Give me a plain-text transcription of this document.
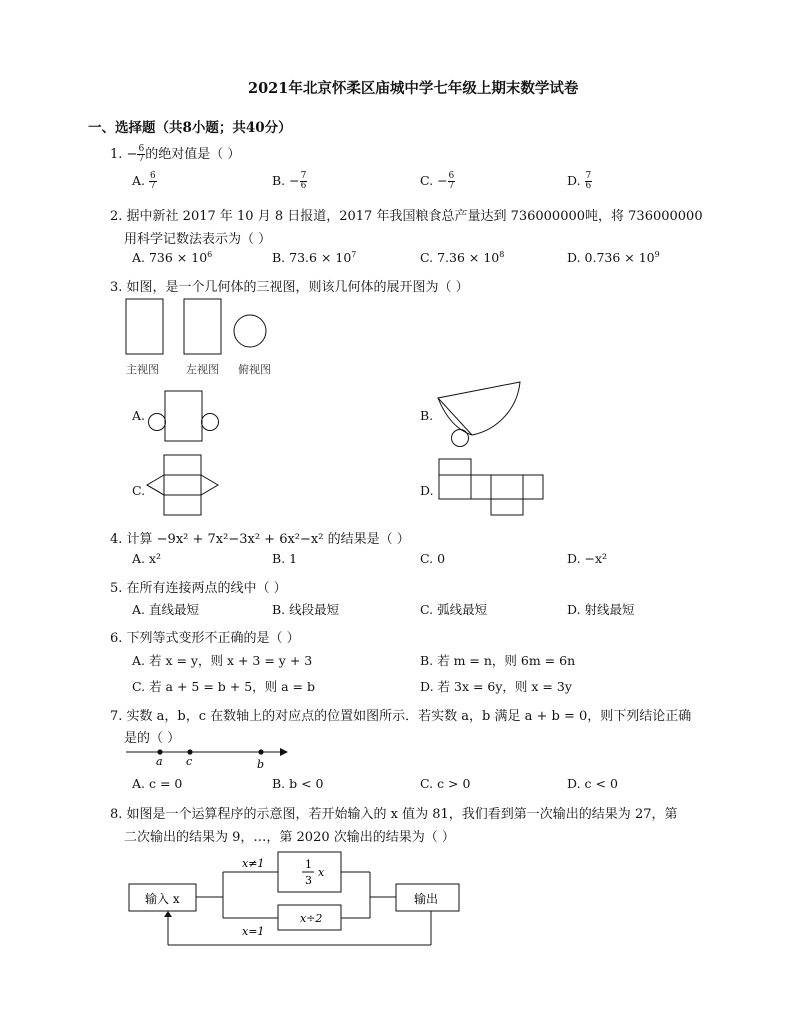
2021年北京怀柔区庙城中学七年级上期末数学试卷
一、选择题（共8小题；共40分）
1. − $\frac{6}{7}$ 的绝对值是（ ）
A. $\frac{6}{7}$	B. − $\frac{7}{6}$	C. − $\frac{6}{7}$	D. $\frac{7}{6}$
2. 据中新社 2017 年 10 月 8 日报道，2017 年我国粮食总产量达到 736000000吨，将 736000000
用科学记数法表示为（ ）
A. $736 \times 10^6$	B. $73.6 \times 10^7$	C. $7.36 \times 10^8$	D. $0.736 \times 10^9$
3. 如图，是一个几何体的三视图，则该几何体的展开图为（ ）
主视图 左视图 俯视图
A.	B.
C.	D.
4. 计算 −9x² + 7x²−3x² + 6x²−x² 的结果是（ ）
A. x²	B. 1	C. 0	D. −x²
5. 在所有连接两点的线中（ ）
A. 直线最短	B. 线段最短	C. 弧线最短	D. 射线最短
6. 下列等式变形不正确的是（ ）
A. 若 x = y，则 x + 3 = y + 3	B. 若 m = n，则 6m = 6n
C. 若 a + 5 = b + 5，则 a = b	D. 若 3x = 6y，则 x = 3y
7. 实数 a，b，c 在数轴上的对应点的位置如图所示．若实数 a，b 满足 a + b = 0，则下列结论正确
是的（ ）
a c	b
A. c = 0	B. b < 0	C. c > 0	D. c < 0
8. 如图是一个运算程序的示意图，若开始输入的 x 值为 81，我们看到第一次输出的结果为 27，第
二次输出的结果为 9，…，第 2020 次输出的结果为（ ）
输入 x	输出
1
3
x
x÷2
x≠1
x=1
